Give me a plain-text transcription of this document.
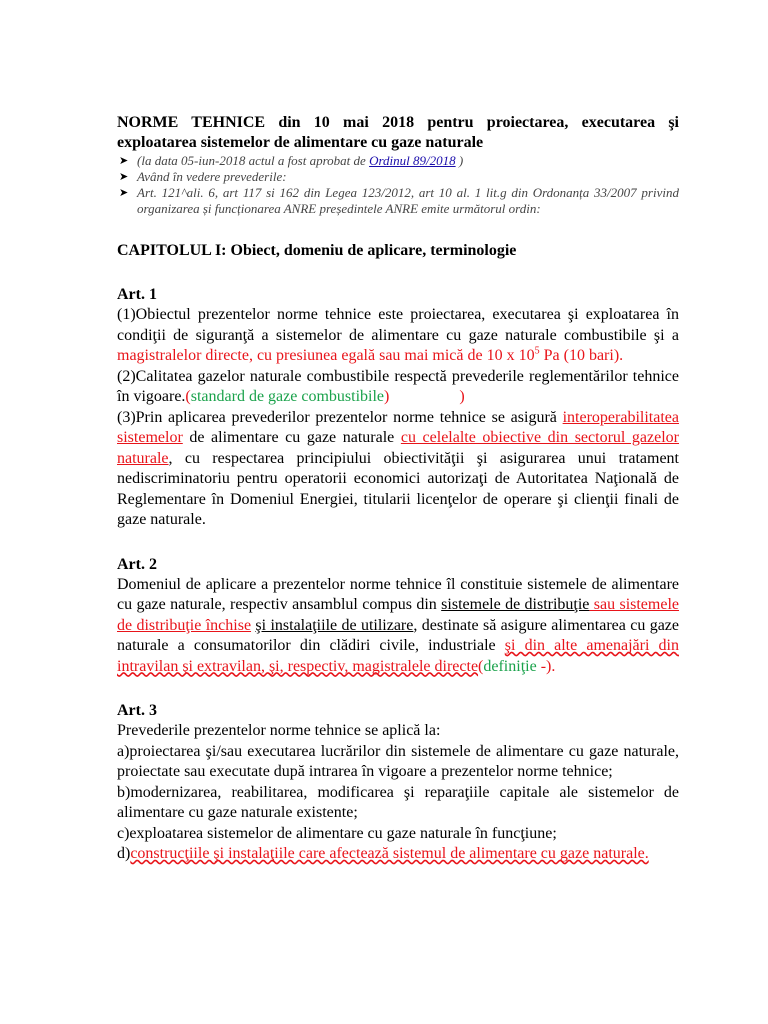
NORME TEHNICE din 10 mai 2018 pentru proiectarea, executarea şi exploatarea sistemelor de alimentare cu gaze naturale

➤ (la data 05-iun-2018 actul a fost aprobat de Ordinul 89/2018 )
➤ Având în vedere prevederile:
➤ Art. 121^ali. 6, art 117 si 162 din Legea 123/2012, art 10 al. 1 lit.g din Ordonanța 33/2007 privind organizarea și funcționarea ANRE președintele ANRE emite următorul ordin:

CAPITOLUL I: Obiect, domeniu de aplicare, terminologie

Art. 1

(1)Obiectul prezentelor norme tehnice este proiectarea, executarea şi exploatarea în condiţii de siguranţă a sistemelor de alimentare cu gaze naturale combustibile şi a magistralelor directe, cu presiunea egală sau mai mică de 10 x $10^5$ Pa (10 bari).

(2)Calitatea gazelor naturale combustibile respectă prevederile reglementărilor tehnice în vigoare.(standard de gaze combustibile)	)

(3)Prin aplicarea prevederilor prezentelor norme tehnice se asigură interoperabilitatea sistemelor de alimentare cu gaze naturale cu celelalte obiective din sectorul gazelor naturale, cu respectarea principiului obiectivităţii şi asigurarea unui tratament nediscriminatoriu pentru operatorii economici autorizaţi de Autoritatea Naţională de Reglementare în Domeniul Energiei, titularii licenţelor de operare şi clienţii finali de gaze naturale.

Art. 2

Domeniul de aplicare a prezentelor norme tehnice îl constituie sistemele de alimentare cu gaze naturale, respectiv ansamblul compus din sistemele de distribuţie sau sistemele de distribuţie închise şi instalaţiile de utilizare, destinate să asigure alimentarea cu gaze naturale a consumatorilor din clădiri civile, industriale şi din alte amenajări din intravilan şi extravilan, şi, respectiv, magistralele directe(definiţie -).

Art. 3

Prevederile prezentelor norme tehnice se aplică la:

a)proiectarea şi/sau executarea lucrărilor din sistemele de alimentare cu gaze naturale, proiectate sau executate după intrarea în vigoare a prezentelor norme tehnice;

b)modernizarea, reabilitarea, modificarea şi reparaţiile capitale ale sistemelor de alimentare cu gaze naturale existente;

c)exploatarea sistemelor de alimentare cu gaze naturale în funcţiune;

d)construcţiile şi instalaţiile care afectează sistemul de alimentare cu gaze naturale.
